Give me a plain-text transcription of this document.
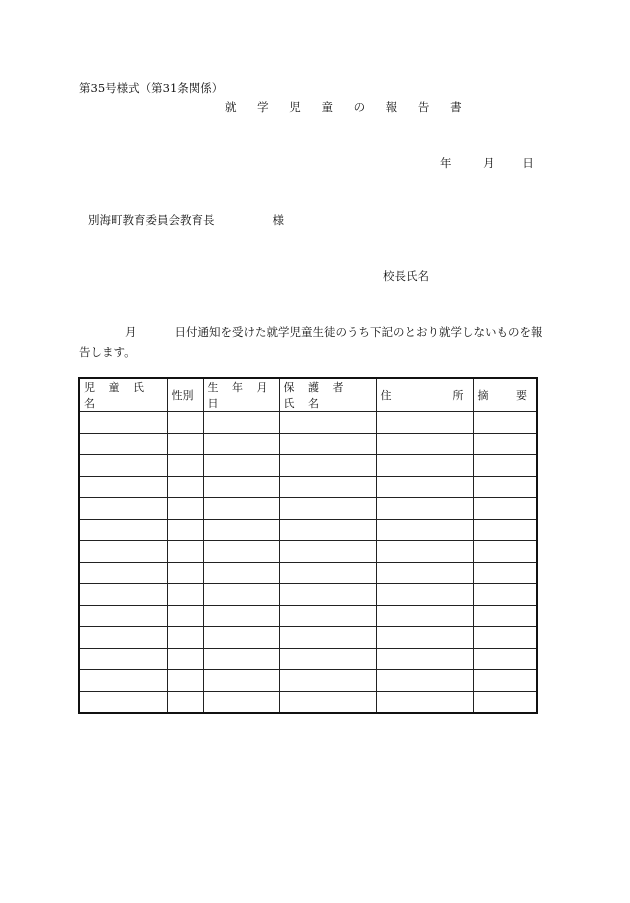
第35号様式（第31条関係）
就 学 児 童 の 報 告 書
年	月 日
別海町教育委員会教育長	様
校長氏名
月	日付通知を受けた就学児童生徒のうち下記のとおり就学しないものを報告します。
児 童 氏 名	性別	生 年 月 日	保 護 者 氏 名	住 所	摘 要
